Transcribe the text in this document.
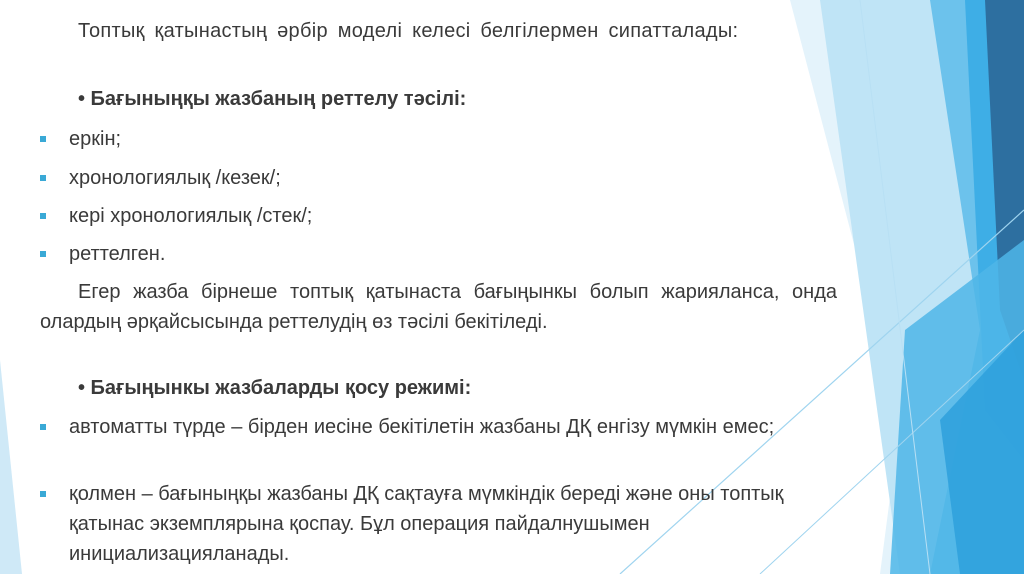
Топтық қатынастың әрбір моделі келесі белгілермен сипатталады:

• Бағыныңқы жазбаның реттелу тәсілі:

еркін;
хронологиялық /кезек/;
кері хронологиялық /стек/;
реттелген.

Егер жазба бірнеше топтық қатынаста бағыңынкы болып жарияланса, онда олардың әрқайсысында реттелудің өз тәсілі бекітіледі.

• Бағыңынкы жазбаларды қосу режимі:

автоматты түрде – бірден иесіне бекітілетін жазбаны ДҚ енгізу мүмкін емес;
қолмен – бағыныңқы жазбаны ДҚ сақтауға мүмкіндік береді және оны топтық қатынас экземплярына қоспау. Бұл операция пайдалнушымен инициализацияланады.
